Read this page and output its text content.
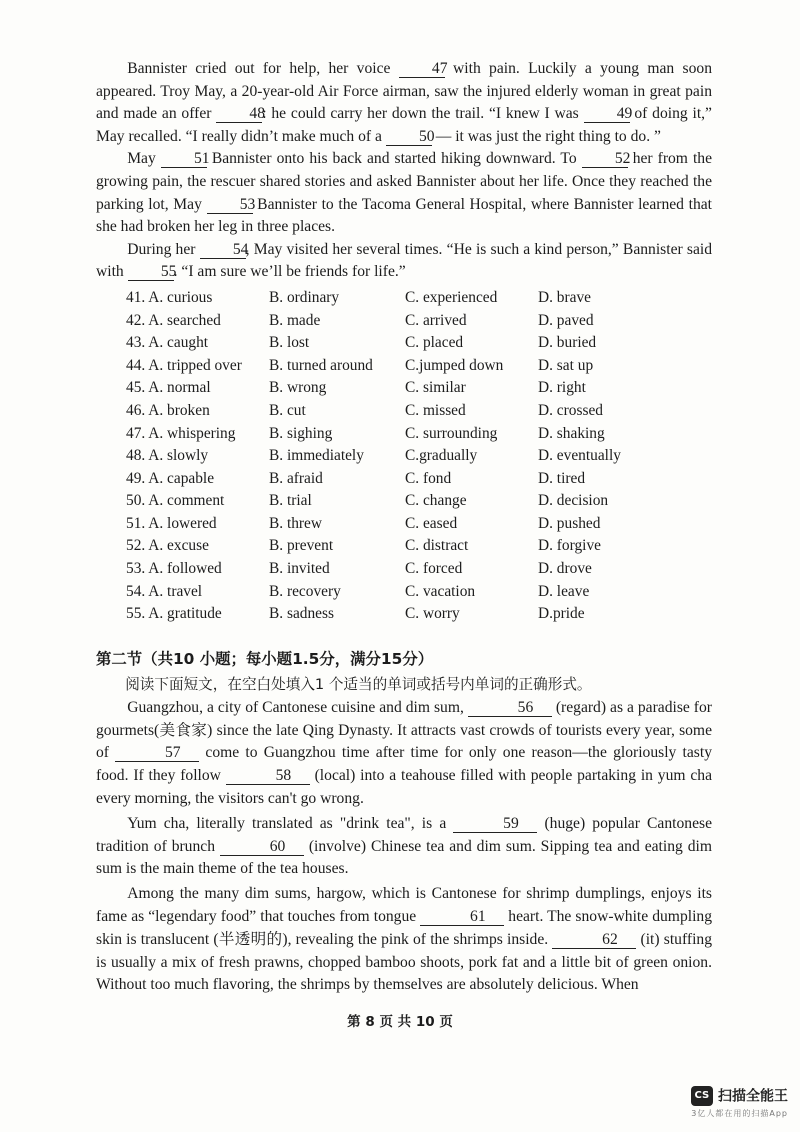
Bannister cried out for help, her voice 47 with pain. Luckily a young man soon appeared. Troy May, a 20-year-old Air Force airman, saw the injured elderly woman in great pain and made an offer 48: he could carry her down the trail. “I knew I was 49 of doing it,” May recalled. “I really didn’t make much of a 50 — it was just the right thing to do. ”

May 51 Bannister onto his back and started hiking downward. To 52 her from the growing pain, the rescuer shared stories and asked Bannister about her life. Once they reached the parking lot, May 53 Bannister to the Tacoma General Hospital, where Bannister learned that she had broken her leg in three places.

During her 54, May visited her several times. “He is such a kind person,” Bannister said with 55. “I am sure we’ll be friends for life.”

41. A. curious	B. ordinary	C. experienced	D. brave
42. A. searched	B. made	C. arrived	D. paved
43. A. caught	B. lost	C. placed	D. buried
44. A. tripped over	B. turned around	C.jumped down	D. sat up
45. A. normal	B. wrong	C. similar	D. right
46. A. broken	B. cut	C. missed	D. crossed
47. A. whispering	B. sighing	C. surrounding	D. shaking
48. A. slowly	B. immediately	C.gradually	D. eventually
49. A. capable	B. afraid	C. fond	D. tired
50. A. comment	B. trial	C. change	D. decision
51. A. lowered	B. threw	C. eased	D. pushed
52. A. excuse	B. prevent	C. distract	D. forgive
53. A. followed	B. invited	C. forced	D. drove
54. A. travel	B. recovery	C. vacation	D. leave
55. A. gratitude	B. sadness	C. worry	D.pride
第二节（共10 小题；每小题1.5分，满分15分）
阅读下面短文，在空白处填入1 个适当的单词或括号内单词的正确形式。

Guangzhou, a city of Cantonese cuisine and dim sum,	56 (regard) as a paradise for gourmets(美食家) since the late Qing Dynasty. It attracts vast crowds of tourists every year, some of	57 come to Guangzhou time after time for only one reason—the gloriously tasty food. If they follow	58 (local) into a teahouse filled with people partaking in yum cha every morning, the visitors can't go wrong.

Yum cha, literally translated as "drink tea", is a	59 (huge) popular Cantonese tradition of brunch	60 (involve) Chinese tea and dim sum. Sipping tea and eating dim sum is the main theme of the tea houses.

Among the many dim sums, hargow, which is Cantonese for shrimp dumplings, enjoys its fame as “legendary food” that touches from tongue	61 heart. The snow-white dumpling skin is translucent (半透明的), revealing the pink of the shrimps inside.	62 (it) stuffing is usually a mix of fresh prawns, chopped bamboo shoots, pork fat and a little bit of green onion. Without too much flavoring, the shrimps by themselves are absolutely delicious. When

第 8 页 共 10 页
CS 扫描全能王
3亿人都在用的扫描App
